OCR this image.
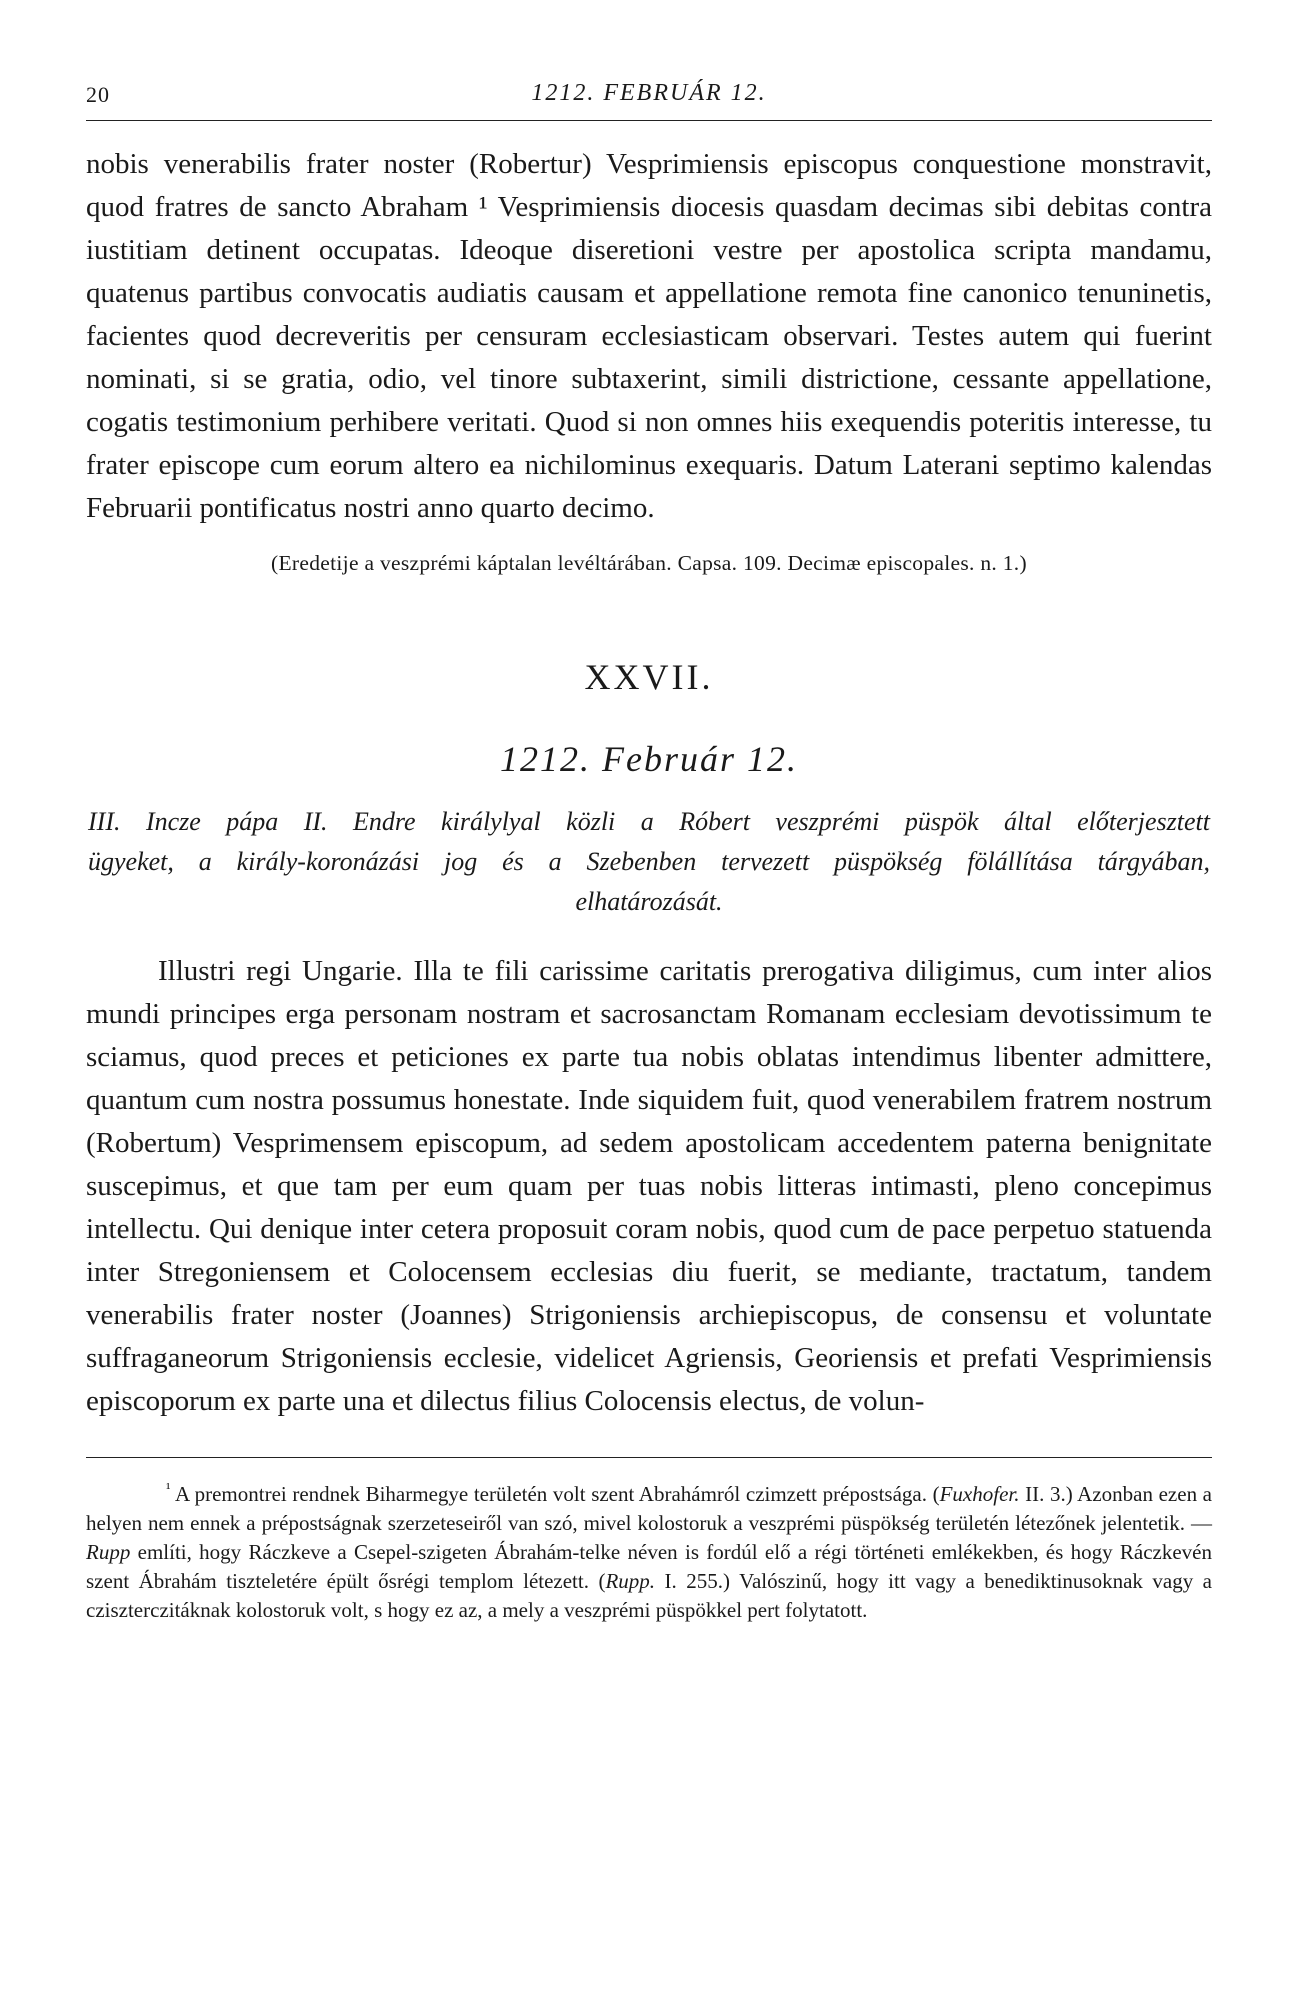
20	1212. FEBRUÁR 12.

nobis venerabilis frater noster (Robertur) Vesprimiensis episcopus conquestione monstravit, quod fratres de sancto Abraham ¹ Vesprimiensis diocesis quasdam decimas sibi debitas contra iustitiam detinent occupatas. Ideoque diseretioni vestre per apostolica scripta mandamu, quatenus partibus convocatis audiatis causam et appellatione remota fine canonico tenuninetis, facientes quod decreveritis per censuram ecclesiasticam observari. Testes autem qui fuerint nominati, si se gratia, odio, vel tinore subtaxerint, simili districtione, cessante appellatione, cogatis testimonium perhibere veritati. Quod si non omnes hiis exequendis poteritis interesse, tu frater episcope cum eorum altero ea nichilominus exequaris. Datum Laterani septimo kalendas Februarii pontificatus nostri anno quarto decimo.

(Eredetije a veszprémi káptalan levéltárában. Capsa. 109. Decimæ episcopales. n. 1.)
XXVII.
1212. Február 12.
III. Incze pápa II. Endre királylyal közli a Róbert veszprémi püspök által előterjesztett
ügyeket, a király-koronázási jog és a Szebenben tervezett püspökség fölállítása tárgyában,
elhatározását.

Illustri regi Ungarie. Illa te fili carissime caritatis prerogativa diligimus, cum inter alios mundi principes erga personam nostram et sacrosanctam Romanam ecclesiam devotissimum te sciamus, quod preces et peticiones ex parte tua nobis oblatas intendimus libenter admittere, quantum cum nostra possumus honestate. Inde siquidem fuit, quod venerabilem fratrem nostrum (Robertum) Vesprimensem episcopum, ad sedem apostolicam accedentem paterna benignitate suscepimus, et que tam per eum quam per tuas nobis litteras intimasti, pleno concepimus intellectu. Qui denique inter cetera proposuit coram nobis, quod cum de pace perpetuo statuenda inter Stregoniensem et Colocensem ecclesias diu fuerit, se mediante, tractatum, tandem venerabilis frater noster (Joannes) Strigoniensis archiepiscopus, de consensu et voluntate suffraganeorum Strigoniensis ecclesie, videlicet Agriensis, Georiensis et prefati Vesprimiensis episcoporum ex parte una et dilectus filius Colocensis electus, de volun-

$^{^1}$ A premontrei rendnek Biharmegye területén volt szent Abrahámról czimzett prépostsága. (Fuxhofer. II. 3.) Azonban ezen a helyen nem ennek a prépostságnak szerzeteseiről van szó, mivel kolostoruk a veszprémi püspökség területén létezőnek jelentetik. — Rupp említi, hogy Ráczkeve a Csepel-szigeten Ábrahám-telke néven is fordúl elő a régi történeti emlékekben, és hogy Ráczkevén szent Ábrahám tiszteletére épült ősrégi templom létezett. (Rupp. I. 255.) Valószinű, hogy itt vagy a benediktinusoknak vagy a cziszterczitáknak kolostoruk volt, s hogy ez az, a mely a veszprémi püspökkel pert folytatott.
